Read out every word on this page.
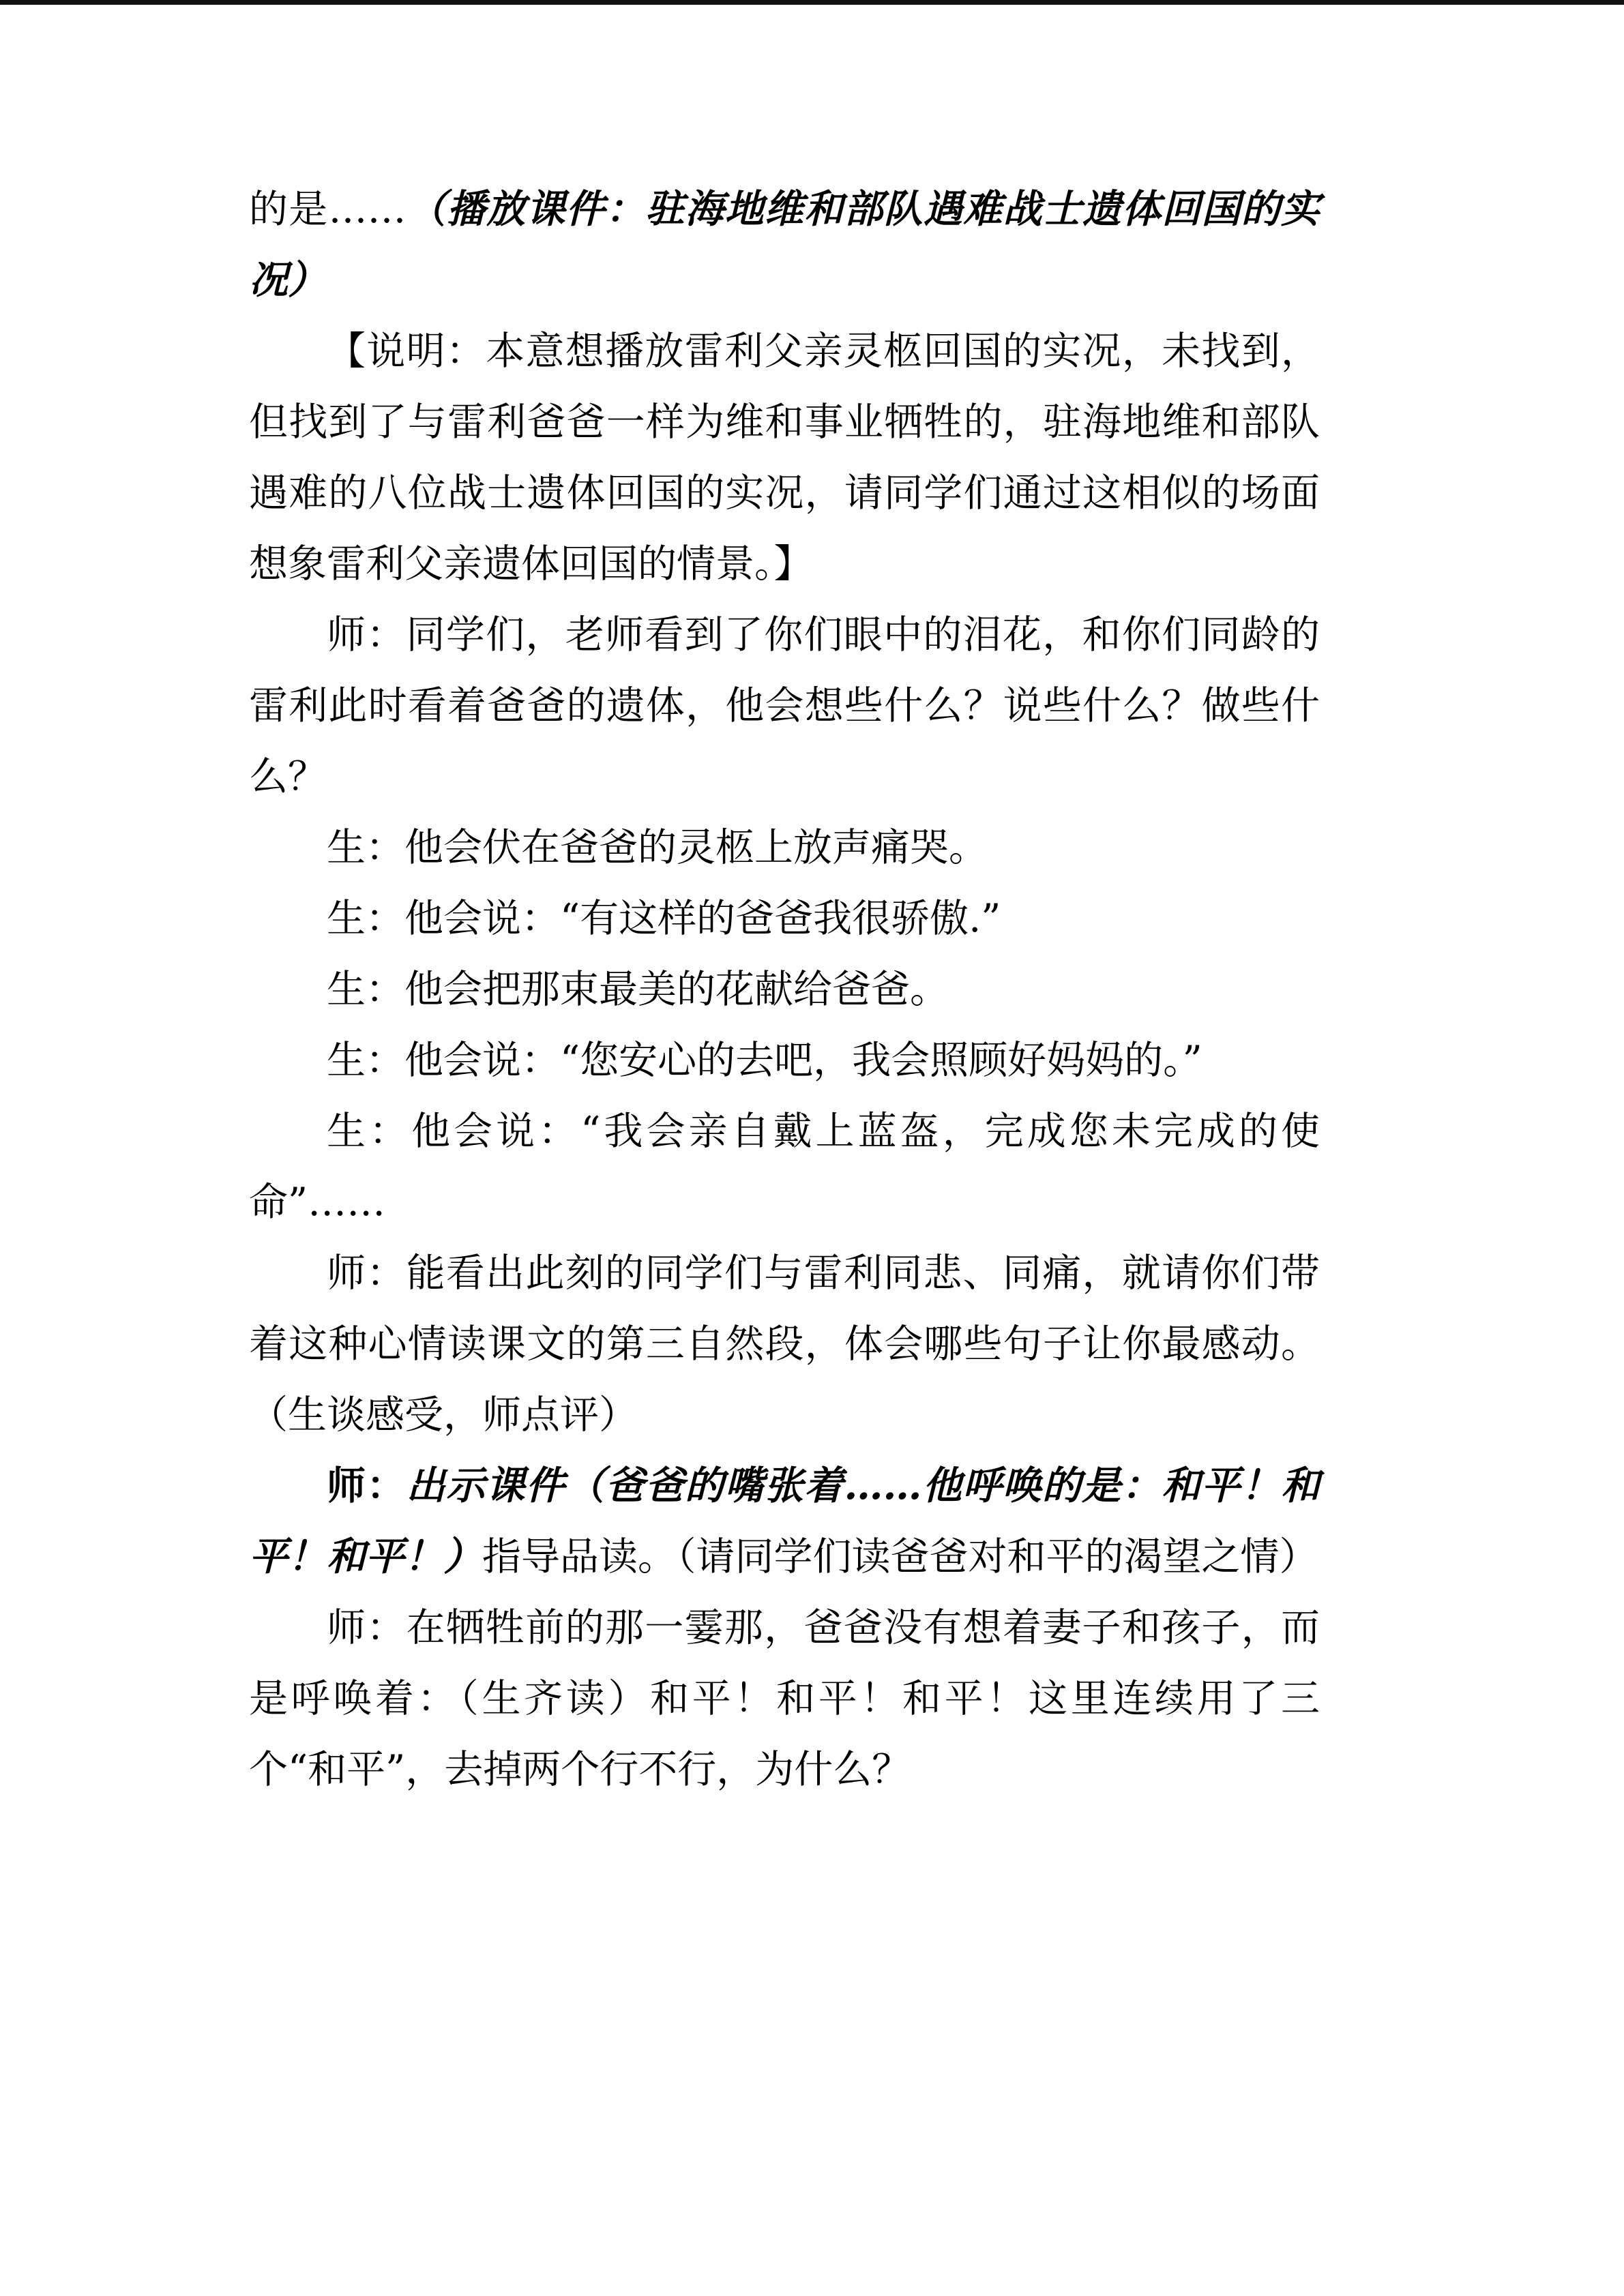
的是……（播放课件：驻海地维和部队遇难战士遗体回国的实况）

【说明：本意想播放雷利父亲灵柩回国的实况，未找到，但找到了与雷利爸爸一样为维和事业牺牲的，驻海地维和部队遇难的八位战士遗体回国的实况，请同学们通过这相似的场面想象雷利父亲遗体回国的情景。】

师：同学们，老师看到了你们眼中的泪花，和你们同龄的雷利此时看着爸爸的遗体，他会想些什么？说些什么？做些什么？

生：他会伏在爸爸的灵柩上放声痛哭。

生：他会说：“有这样的爸爸我很骄傲.”

生：他会把那束最美的花献给爸爸。

生：他会说：“您安心的去吧，我会照顾好妈妈的。”

生：他会说：“我会亲自戴上蓝盔，完成您未完成的使命”……

师：能看出此刻的同学们与雷利同悲、同痛，就请你们带着这种心情读课文的第三自然段，体会哪些句子让你最感动。（生谈感受，师点评）

师：出示课件（爸爸的嘴张着……他呼唤的是：和平！和平！和平！）指导品读。（请同学们读爸爸对和平的渴望之情）

师：在牺牲前的那一霎那，爸爸没有想着妻子和孩子，而是呼唤着：（生齐读）和平！和平！和平！这里连续用了三个“和平”，去掉两个行不行，为什么？
